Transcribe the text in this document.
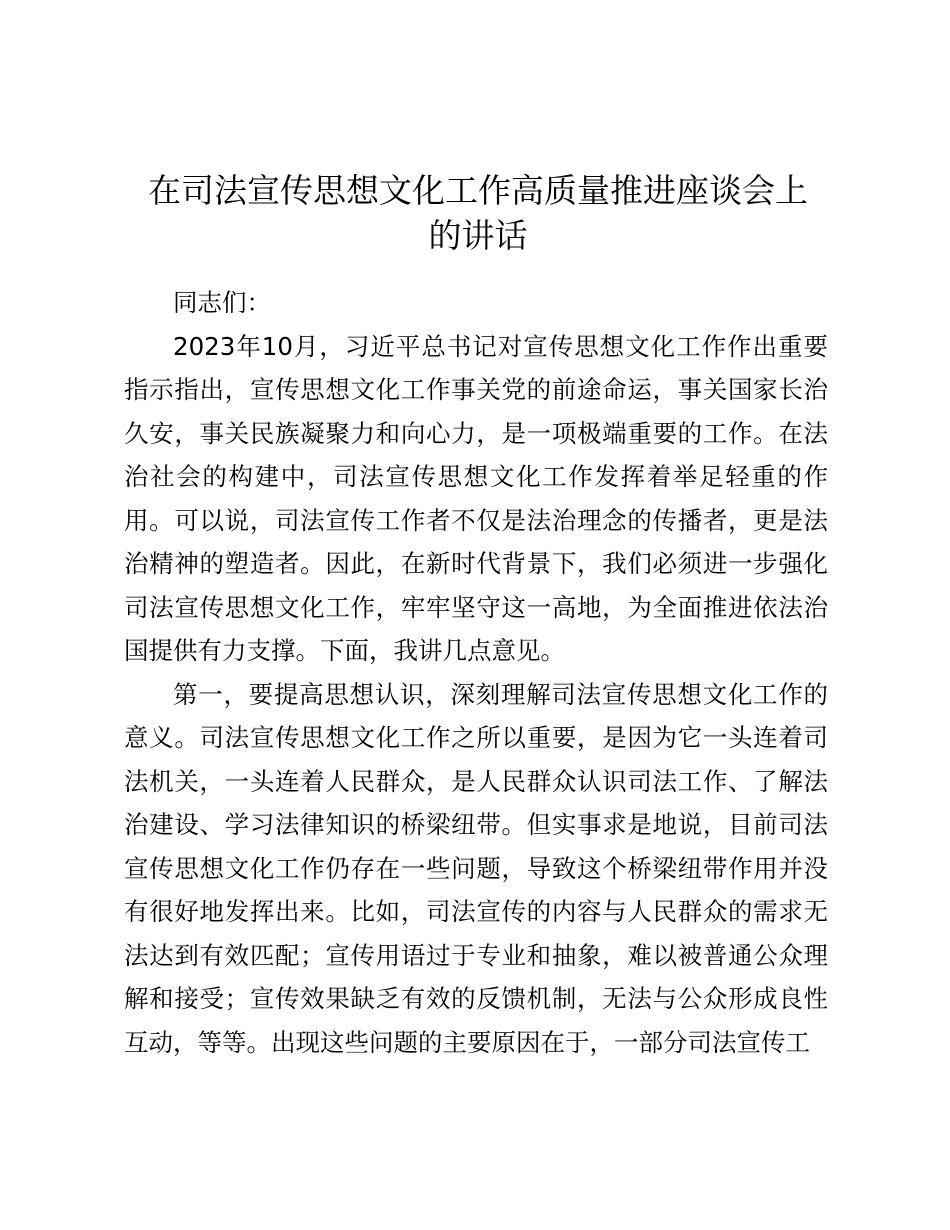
在司法宣传思想文化工作高质量推进座谈会上
的讲话

同志们：

2023年10月，习近平总书记对宣传思想文化工作作出重要指示指出，宣传思想文化工作事关党的前途命运，事关国家长治久安，事关民族凝聚力和向心力，是一项极端重要的工作。在法治社会的构建中，司法宣传思想文化工作发挥着举足轻重的作用。可以说，司法宣传工作者不仅是法治理念的传播者，更是法治精神的塑造者。因此，在新时代背景下，我们必须进一步强化司法宣传思想文化工作，牢牢坚守这一高地，为全面推进依法治国提供有力支撑。下面，我讲几点意见。

第一，要提高思想认识，深刻理解司法宣传思想文化工作的意义。司法宣传思想文化工作之所以重要，是因为它一头连着司法机关，一头连着人民群众，是人民群众认识司法工作、了解法治建设、学习法律知识的桥梁纽带。但实事求是地说，目前司法宣传思想文化工作仍存在一些问题，导致这个桥梁纽带作用并没有很好地发挥出来。比如，司法宣传的内容与人民群众的需求无法达到有效匹配；宣传用语过于专业和抽象，难以被普通公众理解和接受；宣传效果缺乏有效的反馈机制，无法与公众形成良性互动，等等。出现这些问题的主要原因在于，一部分司法宣传工
